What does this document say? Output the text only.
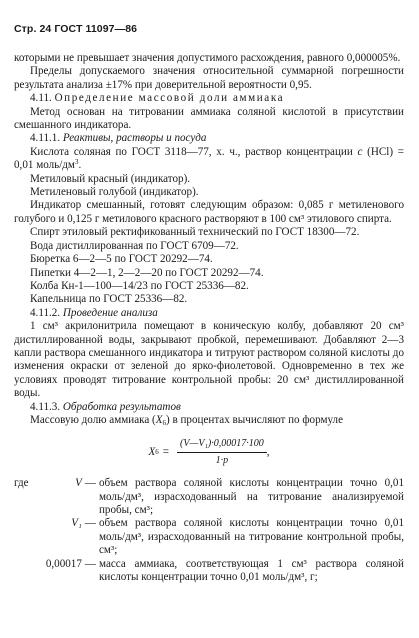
Стр. 24 ГОСТ 11097—86

которыми не превышает значения допустимого расхождения, равного 0,000005%.

Пределы допускаемого значения относительной суммарной погрешности результата анализа ±17% при доверительной вероятности 0,95.

4.11. Определение массовой доли аммиака

Метод основан на титровании аммиака соляной кислотой в присутствии смешанного индикатора.

4.11.1. Реактивы, растворы и посуда

Кислота соляная по ГОСТ 3118—77, х. ч., раствор концентрации c (HCl) = 0,01 моль/$дм^3$.

Метиловый красный (индикатор).

Метиленовый голубой (индикатор).

Индикатор смешанный, готовят следующим образом: 0,085 г метиленового голубого и 0,125 г метилового красного растворяют в 100 см³ этилового спирта.

Спирт этиловый ректификованный технический по ГОСТ 18300—72.

Вода дистиллированная по ГОСТ 6709—72.

Бюретка 6—2—5 по ГОСТ 20292—74.

Пипетки 4—2—1, 2—2—20 по ГОСТ 20292—74.

Колба Кн-1—100—14/23 по ГОСТ 25336—82.

Капельница по ГОСТ 25336—82.

4.11.2. Проведение анализа

1 см³ акрилонитрила помещают в коническую колбу, добавляют 20 см³ дистиллированной воды, закрывают пробкой, перемешивают. Добавляют 2—3 капли раствора смешанного индикатора и титруют раствором соляной кислоты до изменения окраски от зеленой до ярко-фиолетовой. Одновременно в тех же условиях проводят титрование контрольной пробы: 20 см³ дистиллированной воды.

4.11.3. Обработка результатов

Массовую долю аммиака $(X_6)$ в процентах вычисляют по формуле

X $6 = \frac{\text{(V—V₁)·0,00017·100}}{1\cdot p}$ ,
где	V — объем раствора соляной кислоты концентрации точно 0,01 моль/дм³, израсходованный на титрование анализируемой пробы, см³;
V₁ — объем раствора соляной кислоты концентрации точно 0,01 моль/дм³, израсходованный на титрование контрольной пробы, см³;
0,00017 — масса аммиака, соответствующая 1 см³ раствора соляной кислоты концентрации точно 0,01 моль/дм³, г;
